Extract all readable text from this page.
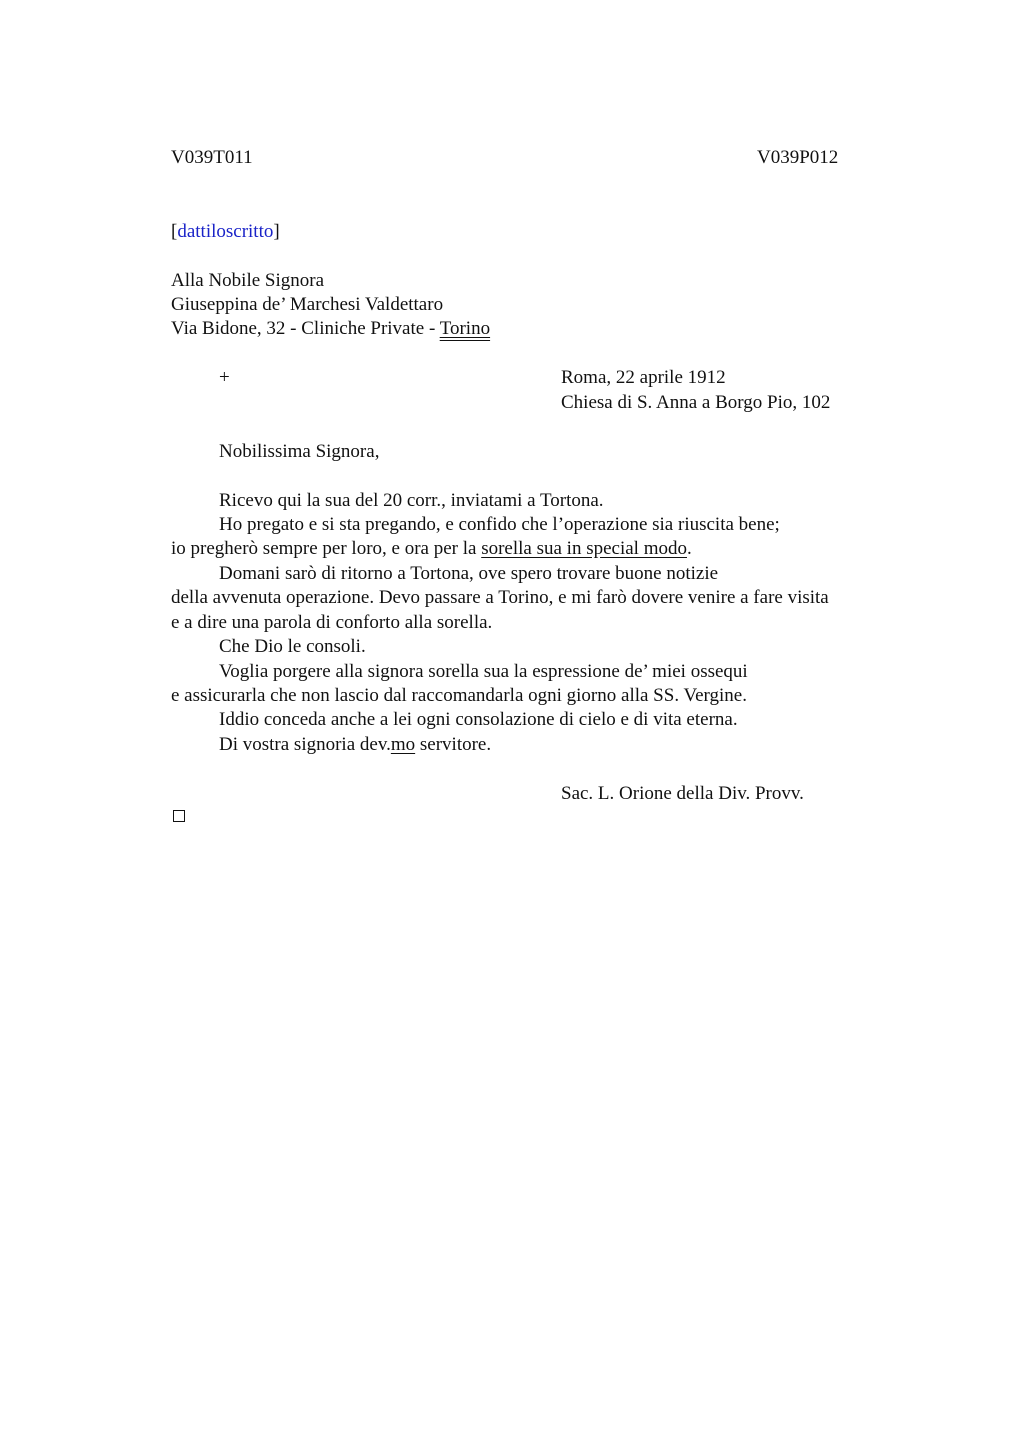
V039T011	V039P012
[dattiloscritto]
Alla Nobile Signora
Giuseppina de’ Marchesi Valdettaro
Via Bidone, 32 - Cliniche Private - Torino
+	Roma, 22 aprile 1912
Chiesa di S. Anna a Borgo Pio, 102
Nobilissima Signora,
Ricevo qui la sua del 20 corr., inviatami a Tortona.
Ho pregato e si sta pregando, e confido che l’operazione sia riuscita bene;
io pregherò sempre per loro, e ora per la sorella sua in special modo.
Domani sarò di ritorno a Tortona, ove spero trovare buone notizie
della avvenuta operazione. Devo passare a Torino, e mi farò dovere venire a fare visita
e a dire una parola di conforto alla sorella.
Che Dio le consoli.
Voglia porgere alla signora sorella sua la espressione de’ miei ossequi
e assicurarla che non lascio dal raccomandarla ogni giorno alla SS. Vergine.
Iddio conceda anche a lei ogni consolazione di cielo e di vita eterna.
Di vostra signoria dev.mo servitore.
Sac. L. Orione della Div. Provv.
